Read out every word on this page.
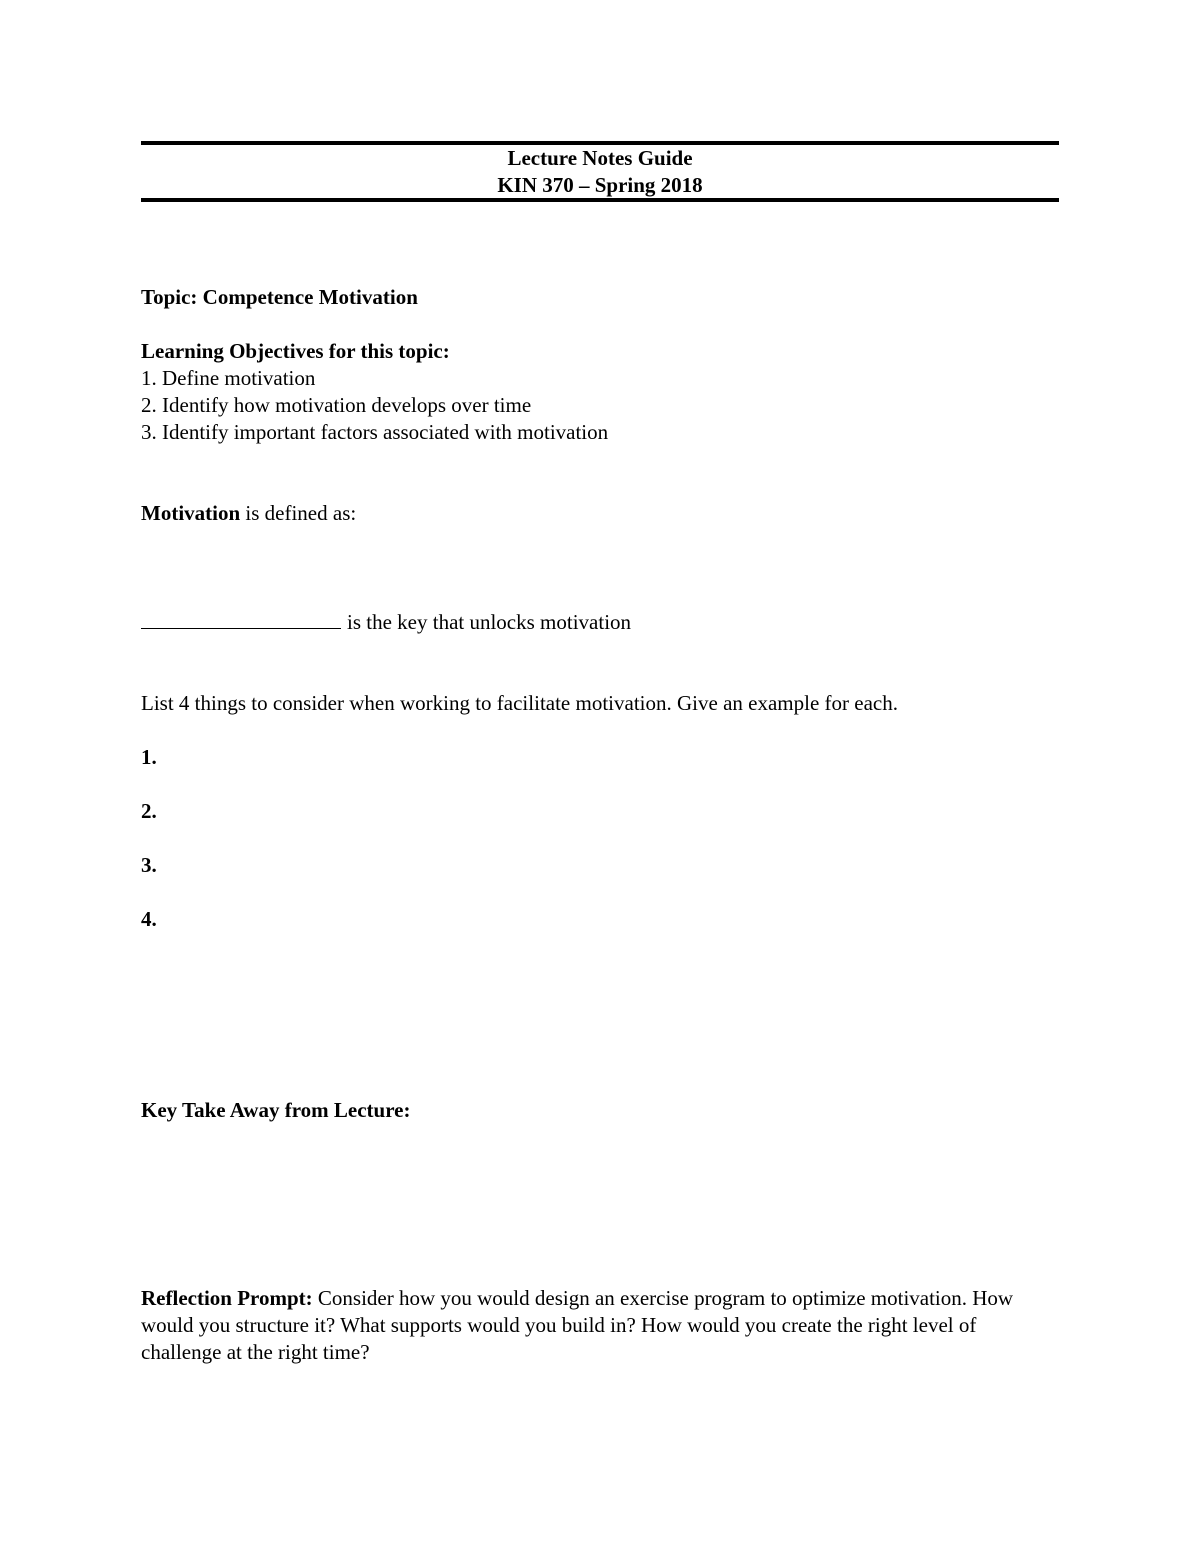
Lecture Notes Guide
KIN 370 – Spring 2018
Topic: Competence Motivation
Learning Objectives for this topic:
1. Define motivation
2. Identify how motivation develops over time
3. Identify important factors associated with motivation
Motivation is defined as:
is the key that unlocks motivation
List 4 things to consider when working to facilitate motivation. Give an example for each.
1.
2.
3.
4.
Key Take Away from Lecture:
Reflection Prompt: Consider how you would design an exercise program to optimize motivation. How would you structure it? What supports would you build in? How would you create the right level of challenge at the right time?
